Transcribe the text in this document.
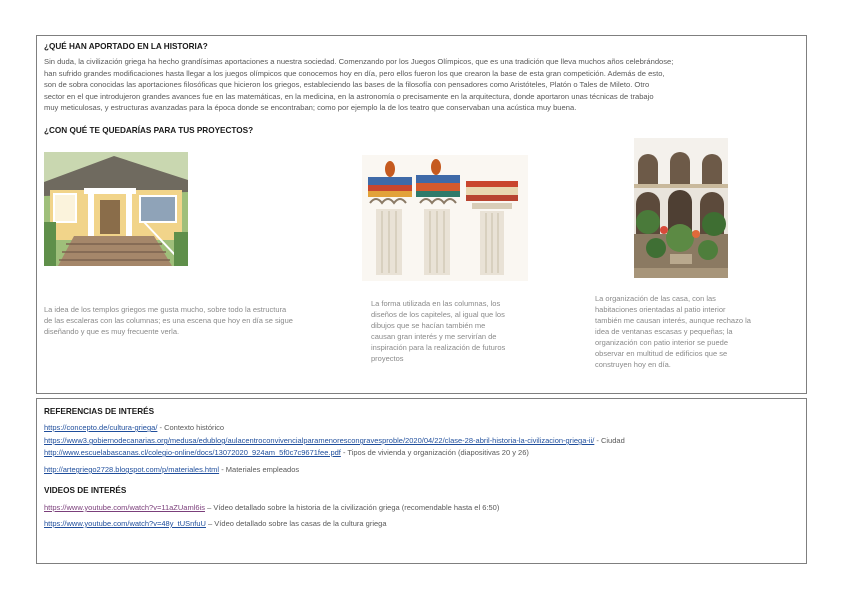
¿QUÉ HAN APORTADO EN LA HISTORIA?
Sin duda, la civilización griega ha hecho grandísimas aportaciones a nuestra sociedad. Comenzando por los Juegos Olímpicos, que es una tradición que lleva muchos años celebrándose;
han sufrido grandes modificaciones hasta llegar a los juegos olímpicos que conocemos hoy en día, pero ellos fueron los que crearon la base de esta gran competición. Además de esto,
son de sobra conocidas las aportaciones filosóficas que hicieron los griegos, estableciendo las bases de la filosofía con pensadores como Aristóteles, Platón o Tales de Mileto. Otro
sector en el que introdujeron grandes avances fue en las matemáticas, en la medicina, en la astronomía o precisamente en la arquitectura, donde aportaron unas técnicas de trabajo
muy meticulosas, y estructuras avanzadas para la época donde se encontraban; como por ejemplo la de los teatro que conservaban una acústica muy buena.
¿CON QUÉ TE QUEDARÍAS PARA TUS PROYECTOS?
La idea de los templos griegos me gusta mucho, sobre todo la estructura
de las escaleras con las columnas; es una escena que hoy en día se sigue
diseñando y que es muy frecuente verla.
La forma utilizada en las columnas, los
diseños de los capiteles, al igual que los
dibujos que se hacían también me
causan gran interés y me servirían de
inspiración para la realización de futuros
proyectos
La organización de las casa, con las
habitaciones orientadas al patio interior
también me causan interés, aunque rechazo la
idea de ventanas escasas y pequeñas; la
organización con patio interior se puede
observar en multitud de edificios que se
construyen hoy en día.
REFERENCIAS DE INTERÉS
https://concepto.de/cultura-griega/ - Contexto histórico
https://www3.gobiernodecanarias.org/medusa/edublog/aulacentroconvivencialparamenorescongravesproble/2020/04/22/clase-28-abril-historia-la-civilizacion-griega-ii/ - Ciudad
http://www.escuelabascanas.cl/colegio-online/docs/13072020_924am_5f0c7c9671fee.pdf - Tipos de vivienda y organización (diapositivas 20 y 26)
http://artegriego2728.blogspot.com/p/materiales.html - Materiales empleados
VIDEOS DE INTERÉS
https://www.youtube.com/watch?v=11aZUaml6is – Vídeo detallado sobre la historia de la civilización griega (recomendable hasta el 6:50)
https://www.youtube.com/watch?v=48y_tUSnfuU – Vídeo detallado sobre las casas de la cultura griega
